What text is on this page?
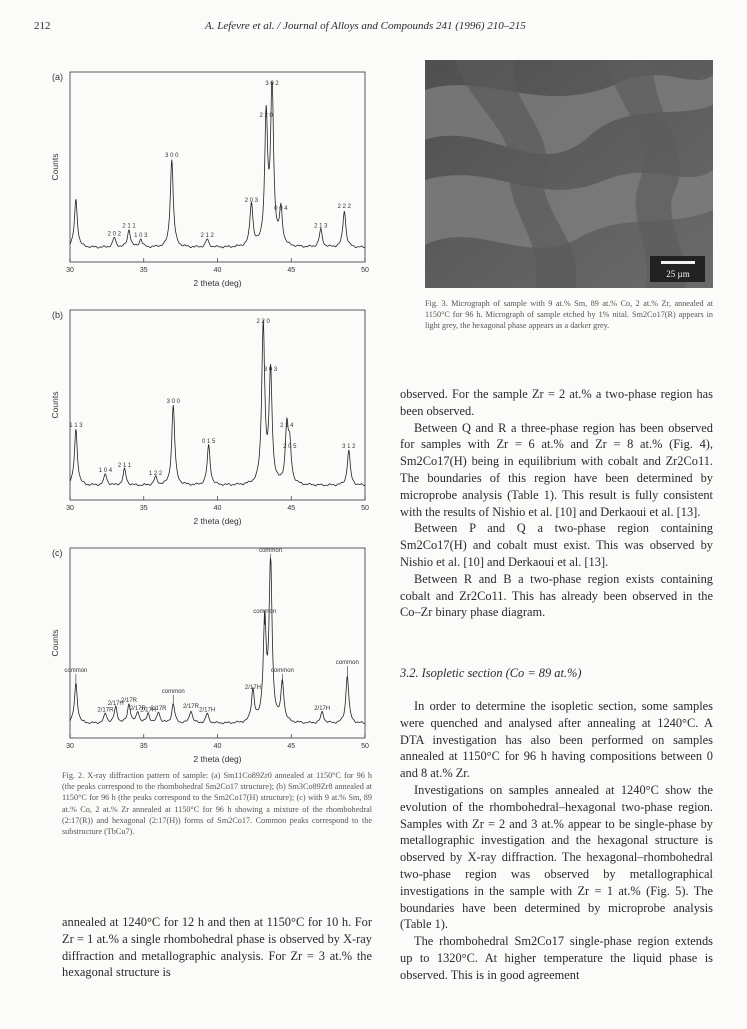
212	A. Lefevre et al. / Journal of Alloys and Compounds 241 (1996) 210–215
(a)
30	35	40	45	50
2 theta (deg)
Counts
2 0 2
2 1 1
1 0 3
3 0 0
2 1 2
2 0 3
2 2 0
3 0 2
0 0 4
2 1 3
2 2 2
(b)
30	35	40	45	50
2 theta (deg)
Counts
1 1 3
1 0 4
2 1 1
1 2 2
3 0 0
0 1 5
2 2 0
3 0 3
2 1 4
2 0 5	3 1 2
(c)
30	35	40	45	50
2 theta (deg)
Counts
common
2/17R
2/17H
2/17R
2/17R
2/17H
2/17R
common
2/17R
2/17H
2/17H
common
common
common
2/17H
common
Fig. 2. X-ray diffraction pattern of sample: (a) Sm11Co89Zr0 annealed at 1150°C for 96 h (the peaks correspond to the rhombohedral Sm2Co17 structure); (b) Sm3Co89Zr8 annealed at 1150°C for 96 h (the peaks correspond to the Sm2Co17(H) structure); (c) with 9 at.% Sm, 89 at.% Co, 2 at.% Zr annealed at 1150°C for 96 h showing a mixture of the rhombohedral (2:17(R)) and hexagonal (2:17(H)) forms of Sm2Co17. Common peaks correspond to the substructure (TbCu7).
25 µm
Fig. 3. Micrograph of sample with 9 at.% Sm, 89 at.% Co, 2 at.% Zr, annealed at 1150°C for 96 h. Micrograph of sample etched by 1% nital. Sm2Co17(R) appears in light grey, the hexagonal phase appears as a darker grey.

observed. For the sample Zr = 2 at.% a two-phase region has been observed.

Between Q and R a three-phase region has been observed for samples with Zr = 6 at.% and Zr = 8 at.% (Fig. 4), Sm2Co17(H) being in equilibrium with cobalt and Zr2Co11. The boundaries of this region have been determined by microprobe analysis (Table 1). This result is fully consistent with the results of Nishio et al. [10] and Derkaoui et al. [13].

Between P and Q a two-phase region containing Sm2Co17(H) and cobalt must exist. This was observed by Nishio et al. [10] and Derkaoui et al. [13].

Between R and B a two-phase region exists containing cobalt and Zr2Co11. This has already been observed in the Co–Zr binary phase diagram.

3.2. Isopletic section (Co = 89 at.%)

In order to determine the isopletic section, some samples were quenched and analysed after annealing at 1240°C. A DTA investigation has also been performed on samples annealed at 1150°C for 96 h having compositions between 0 and 8 at.% Zr.

Investigations on samples annealed at 1240°C show the evolution of the rhombohedral–hexagonal two-phase region. Samples with Zr = 2 and 3 at.% appear to be single-phase by metallographic investigation and the hexagonal structure is observed by X-ray diffraction. The hexagonal–rhombohedral two-phase region was observed by metallographical investigations in the sample with Zr = 1 at.% (Fig. 5). The boundaries have been determined by microprobe analysis (Table 1).

The rhombohedral Sm2Co17 single-phase region extends up to 1320°C. At higher temperature the liquid phase is observed. This is in good agreement

annealed at 1240°C for 12 h and then at 1150°C for 10 h. For Zr = 1 at.% a single rhombohedral phase is observed by X-ray diffraction and metallographic analysis. For Zr = 3 at.% the hexagonal structure is
